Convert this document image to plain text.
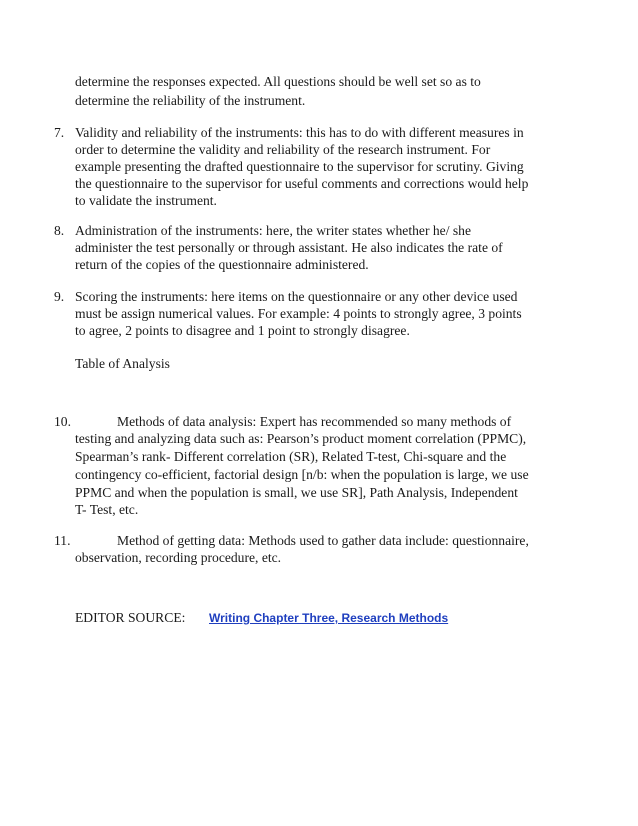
determine the responses expected. All questions should be well set so as to
determine the reliability of the instrument.
7. Validity and reliability of the instruments: this has to do with different measures in
order to determine the validity and reliability of the research instrument. For
example presenting the drafted questionnaire to the supervisor for scrutiny. Giving
the questionnaire to the supervisor for useful comments and corrections would help
to validate the instrument.
8. Administration of the instruments: here, the writer states whether he/ she
administer the test personally or through assistant. He also indicates the rate of
return of the copies of the questionnaire administered.
9. Scoring the instruments: here items on the questionnaire or any other device used
must be assign numerical values. For example: 4 points to strongly agree, 3 points
to agree, 2 points to disagree and 1 point to strongly disagree.
Table of Analysis
10.	Methods of data analysis: Expert has recommended so many methods of
testing and analyzing data such as: Pearson’s product moment correlation (PPMC),
Spearman’s rank- Different correlation (SR), Related T-test, Chi-square and the
contingency co-efficient, factorial design [n/b: when the population is large, we use
PPMC and when the population is small, we use SR], Path Analysis, Independent
T- Test, etc.
11.	Method of getting data: Methods used to gather data include: questionnaire,
observation, recording procedure, etc.
EDITOR SOURCE: Writing Chapter Three, Research Methods
